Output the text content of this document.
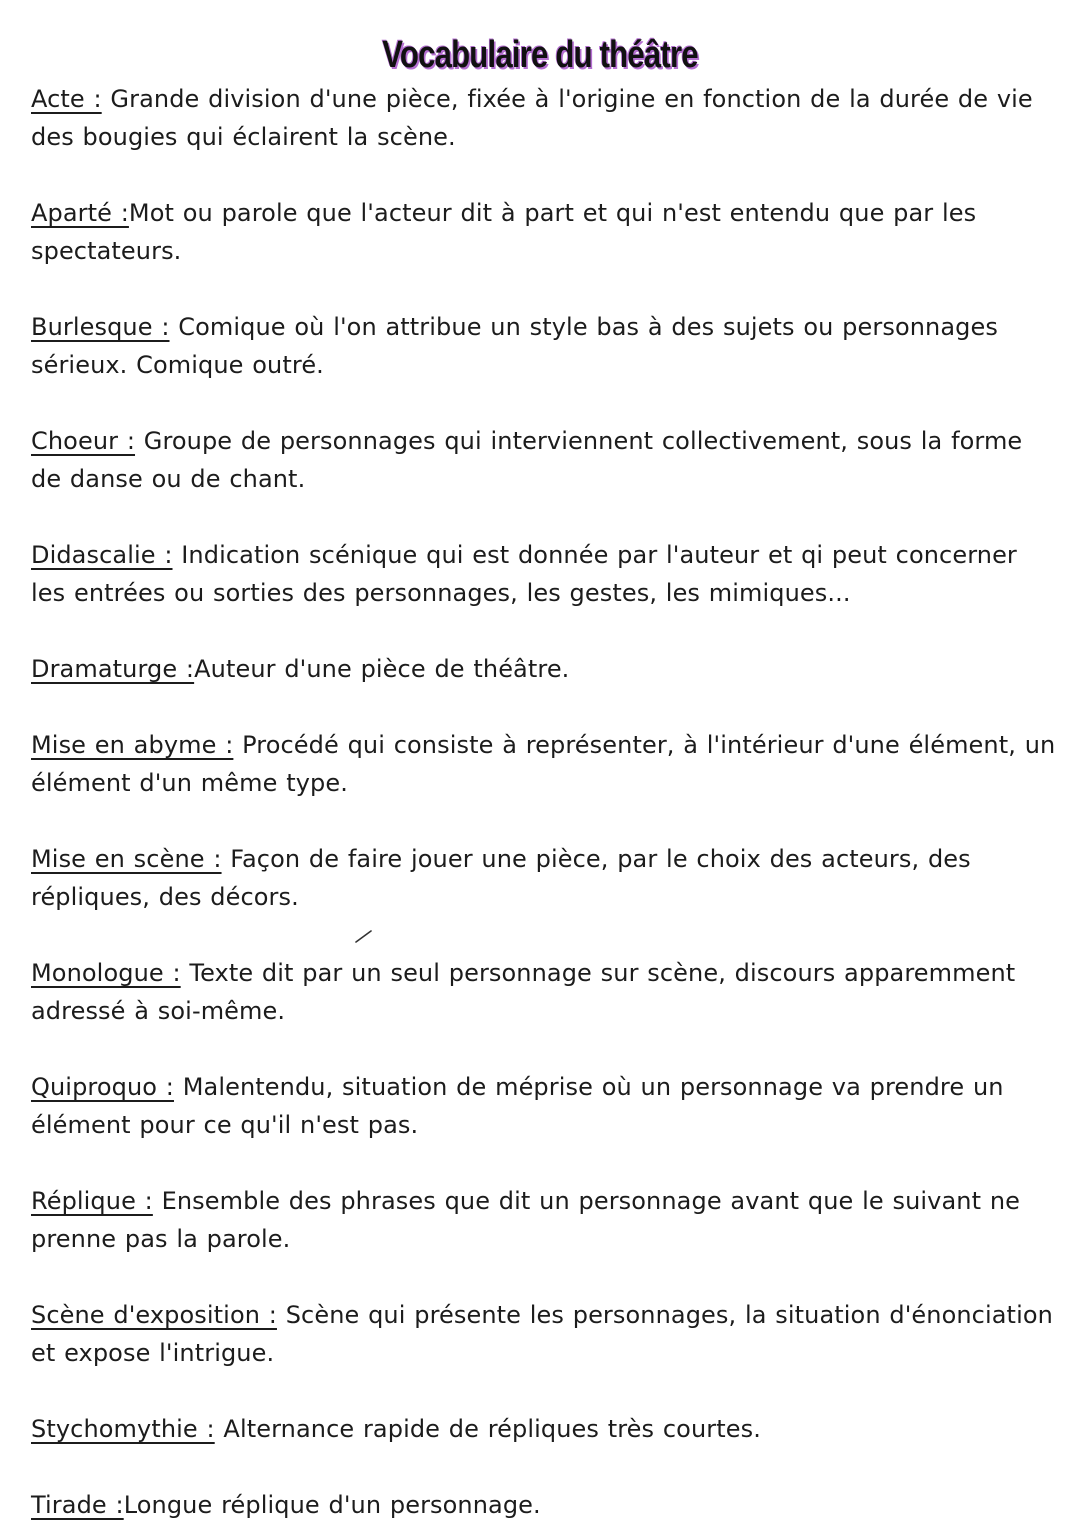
Vocabulaire du théâtre

Acte : Grande division d'une pièce, fixée à l'origine en fonction de la durée de vie des bougies qui éclairent la scène.

Aparté :Mot ou parole que l'acteur dit à part et qui n'est entendu que par les spectateurs.

Burlesque : Comique où l'on attribue un style bas à des sujets ou personnages sérieux. Comique outré.

Choeur : Groupe de personnages qui interviennent collectivement, sous la forme de danse ou de chant.

Didascalie : Indication scénique qui est donnée par l'auteur et qi peut concerner les entrées ou sorties des personnages, les gestes, les mimiques...

Dramaturge :Auteur d'une pièce de théâtre.

Mise en abyme : Procédé qui consiste à représenter, à l'intérieur d'une élément, un élément d'un même type.

Mise en scène : Façon de faire jouer une pièce, par le choix des acteurs, des répliques, des décors.

Monologue : Texte dit par un seul personnage sur scène, discours apparemment adressé à soi-même.

Quiproquo : Malentendu, situation de méprise où un personnage va prendre un élément pour ce qu'il n'est pas.

Réplique : Ensemble des phrases que dit un personnage avant que le suivant ne prenne pas la parole.

Scène d'exposition : Scène qui présente les personnages, la situation d'énonciation et expose l'intrigue.

Stychomythie : Alternance rapide de répliques très courtes.

Tirade :Longue réplique d'un personnage.
